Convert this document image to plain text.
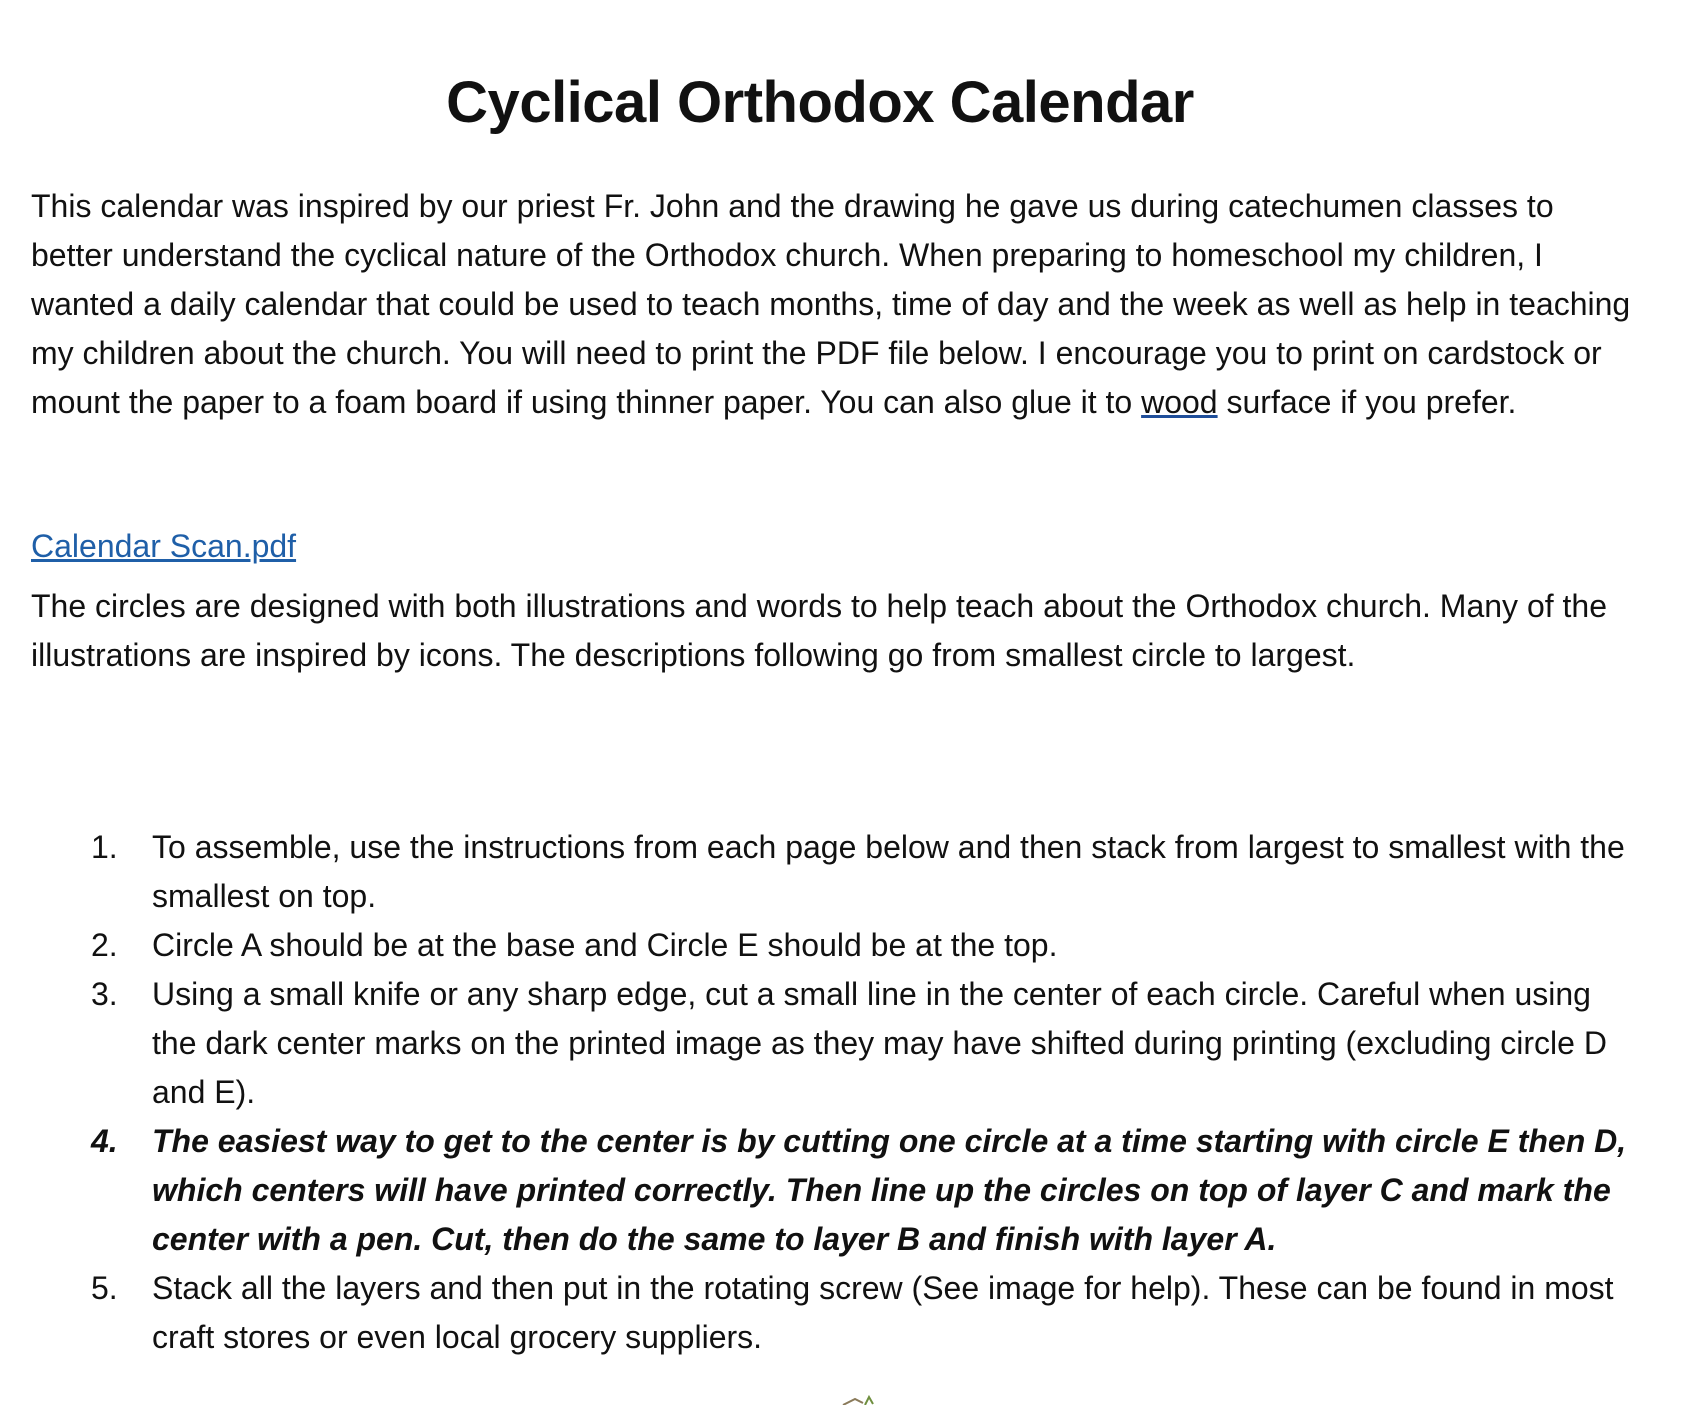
Cyclical Orthodox Calendar
This calendar was inspired by our priest Fr. John and the drawing he gave us during catechumen classes to better understand the cyclical nature of the Orthodox church. When preparing to homeschool my children, I wanted a daily calendar that could be used to teach months, time of day and the week as well as help in teaching my children about the church. You will need to print the PDF file below. I encourage you to print on cardstock or mount the paper to a foam board if using thinner paper. You can also glue it to wood surface if you prefer.
Calendar Scan.pdf
The circles are designed with both illustrations and words to help teach about the Orthodox church. Many of the illustrations are inspired by icons. The descriptions following go from smallest circle to largest.
1.	To assemble, use the instructions from each page below and then stack from largest to smallest with the smallest on top.
2.	Circle A should be at the base and Circle E should be at the top.
3.	Using a small knife or any sharp edge, cut a small line in the center of each circle. Careful when using the dark center marks on the printed image as they may have shifted during printing (excluding circle D and E).
4.	The easiest way to get to the center is by cutting one circle at a time starting with circle E then D, which centers will have printed correctly. Then line up the circles on top of layer C and mark the center with a pen. Cut, then do the same to layer B and finish with layer A.
5.	Stack all the layers and then put in the rotating screw (See image for help). These can be found in most craft stores or even local grocery suppliers.
